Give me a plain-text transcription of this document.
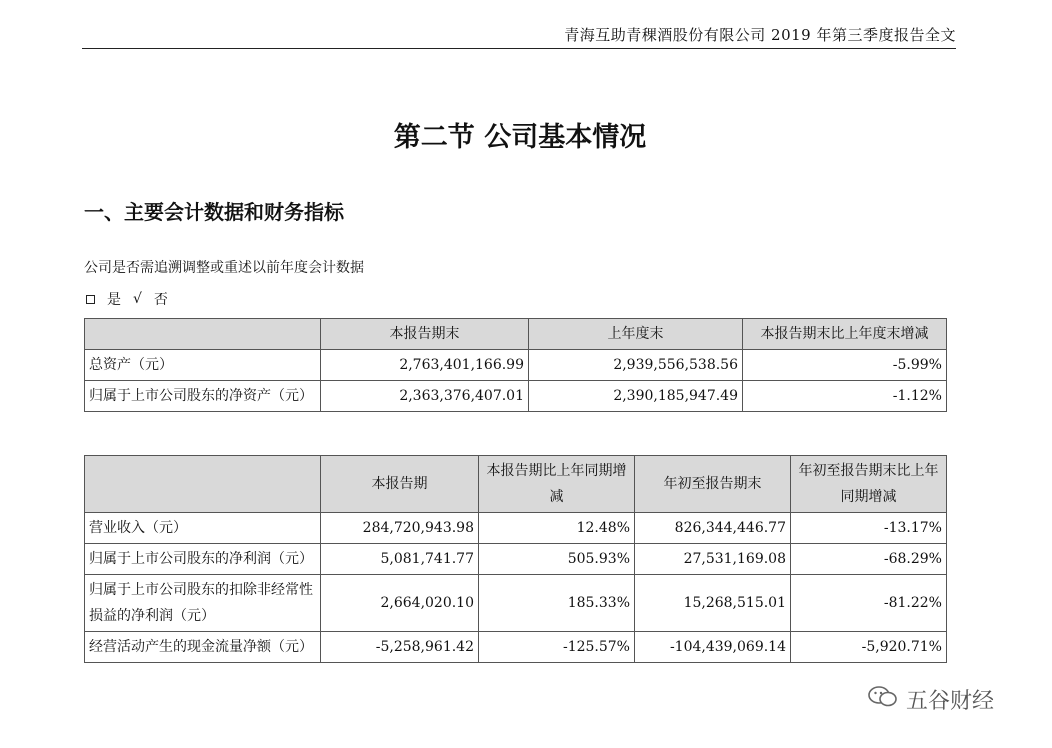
青海互助青稞酒股份有限公司 2019 年第三季度报告全文
第二节 公司基本情况
一、主要会计数据和财务指标
公司是否需追溯调整或重述以前年度会计数据
是 √ 否
	本报告期末	上年度末	本报告期末比上年度末增减
总资产（元）	2,763,401,166.99	2,939,556,538.56	-5.99%
归属于上市公司股东的净资产（元）	2,363,376,407.01	2,390,185,947.49	-1.12%
	本报告期	本报告期比上年同期增减	年初至报告期末	年初至报告期末比上年同期增减
营业收入（元）	284,720,943.98	12.48%	826,344,446.77	-13.17%
归属于上市公司股东的净利润（元）	5,081,741.77	505.93%	27,531,169.08	-68.29%
归属于上市公司股东的扣除非经常性损益的净利润（元）	2,664,020.10	185.33%	15,268,515.01	-81.22%
经营活动产生的现金流量净额（元）	-5,258,961.42	-125.57%	-104,439,069.14	-5,920.71%
五谷财经
